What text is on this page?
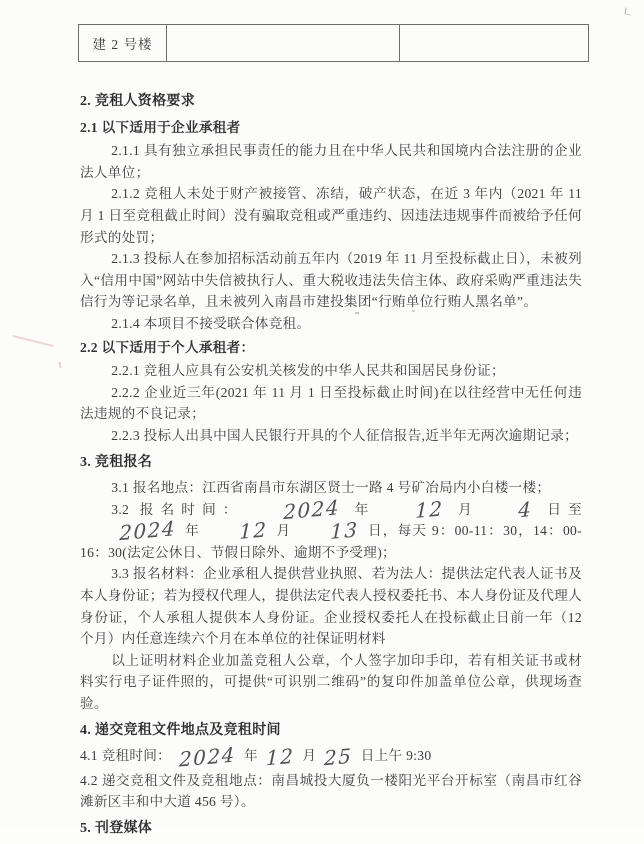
建 2 号楼		

2. 竞租人资格要求

2.1 以下适用于企业承租者

2.1.1 具有独立承担民事责任的能力且在中华人民共和国境内合法注册的企业法人单位；

2.1.2 竞租人未处于财产被接管、冻结，破产状态，在近 3 年内（2021 年 11 月 1 日至竞租截止时间）没有骗取竞租或严重违约、因违法违规事件而被给予任何形式的处罚；

2.1.3 投标人在参加招标活动前五年内（2019 年 11 月至投标截止日），未被列入“信用中国”网站中失信被执行人、重大税收违法失信主体、政府采购严重违法失信行为等记录名单，且未被列入南昌市建投集团“行贿单位行贿人黑名单”。

2.1.4 本项目不接受联合体竞租。

2.2 以下适用于个人承租者：

2.2.1 竞租人应具有公安机关核发的中华人民共和国居民身份证；

2.2.2 企业近三年(2021 年 11 月 1 日至投标截止时间)在以往经营中无任何违法违规的不良记录；

2.2.3 投标人出具中国人民银行开具的个人征信报告,近半年无两次逾期记录；

3. 竞租报名

3.1 报名地点：江西省南昌市东湖区贤士一路 4 号矿冶局内小白楼一楼；

3.2 报名时间： 2024 年 12 月 4 日至2024 年 12 月 13 日，每天 9：00-11：30，14：00-16：30(法定公休日、节假日除外、逾期不予受理)；

3.3 报名材料：企业承租人提供营业执照、若为法人：提供法定代表人证书及本人身份证；若为授权代理人，提供法定代表人授权委托书、本人身份证及代理人身份证，个人承租人提供本人身份证。企业授权委托人在投标截止日前一年（12 个月）内任意连续六个月在本单位的社保证明材料

以上证明材料企业加盖竞租人公章，个人签字加印手印，若有相关证书或材料实行电子证件照的，可提供“可识别二维码”的复印件加盖单位公章，供现场查验。

4. 递交竞租文件地点及竞租时间

4.1 竞租时间： 2024 年 12 月 25 日上午 9:30

4.2 递交竞租文件及竞租地点：南昌城投大厦负一楼阳光平台开标室（南昌市红谷滩新区丰和中大道 456 号）。

5. 刊登媒体
